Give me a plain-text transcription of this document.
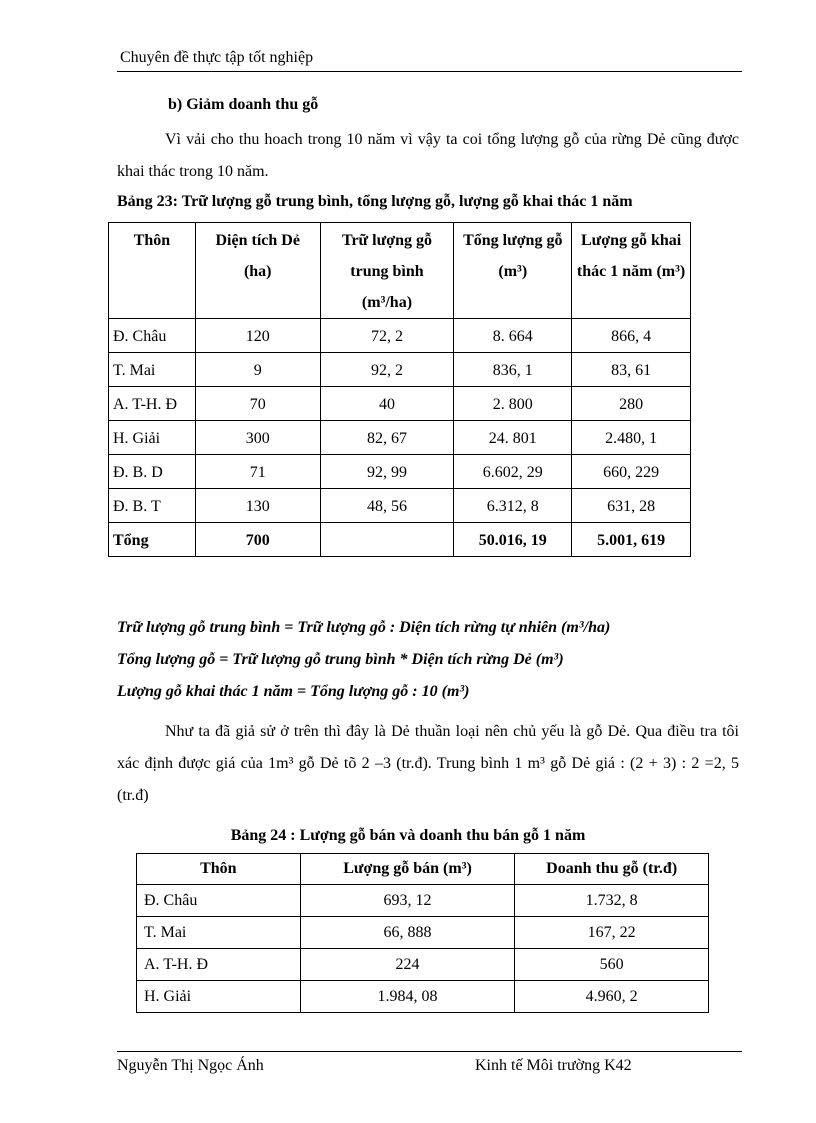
Chuyên đề thực tập tốt nghiệp
b) Giảm doanh thu gỗ
Vì vải cho thu hoach trong 10 năm vì vậy ta coi tổng lượng gỗ của rừng Dẻ cũng được khai thác trong 10 năm.
Bảng 23: Trữ lượng gỗ trung bình, tổng lượng gỗ, lượng gỗ khai thác 1 năm
Thôn	Diện tích Dẻ (ha)	Trữ lượng gỗ trung bình (m³/ha)	Tổng lượng gỗ (m³)	Lượng gỗ khai thác 1 năm (m³)
Đ. Châu	120	72, 2	8. 664	866, 4
T. Mai	9	92, 2	836, 1	83, 61
A. T-H. Đ	70	40	2. 800	280
H. Giải	300	82, 67	24. 801	2.480, 1
Đ. B. D	71	92, 99	6.602, 29	660, 229
Đ. B. T	130	48, 56	6.312, 8	631, 28
Tổng	700		50.016, 19	5.001, 619
Trữ lượng gỗ trung bình = Trữ lượng gỗ : Diện tích rừng tự nhiên (m³/ha)
Tổng lượng gỗ = Trữ lượng gỗ trung bình * Diện tích rừng Dẻ (m³)
Lượng gỗ khai thác 1 năm = Tổng lượng gỗ : 10 (m³)
Như ta đã giả sử ở trên thì đây là Dẻ thuần loại nên chủ yếu là gỗ Dẻ. Qua điều tra tôi xác định được giá của 1m³ gỗ Dẻ tõ 2 –3 (tr.đ). Trung bình 1 m³ gỗ Dẻ giá : (2 + 3) : 2 =2, 5 (tr.đ)
Bảng 24 : Lượng gỗ bán và doanh thu bán gỗ 1 năm
Thôn	Lượng gỗ bán (m³)	Doanh thu gỗ (tr.đ)
Đ. Châu	693, 12	1.732, 8
T. Mai	66, 888	167, 22
A. T-H. Đ	224	560
H. Giải	1.984, 08	4.960, 2
Nguyễn Thị Ngọc Ánh	Kinh tế Môi trường K42
